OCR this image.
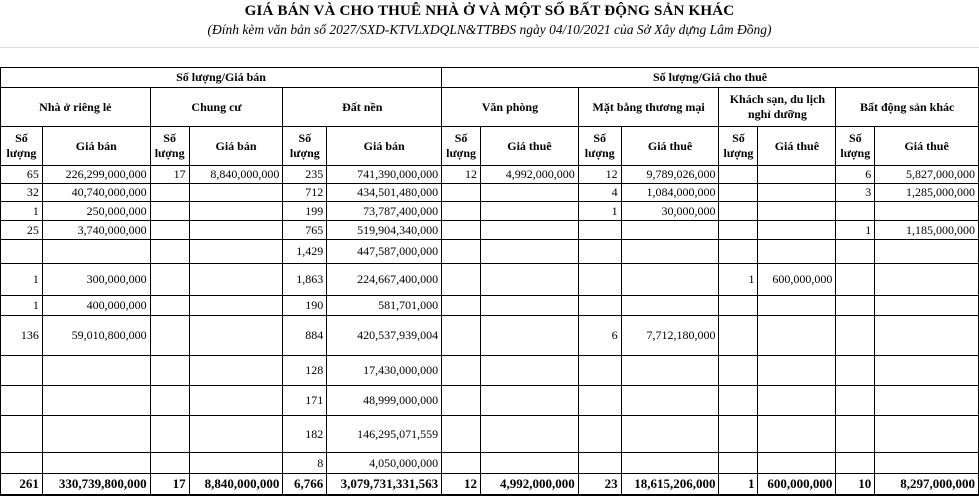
GIÁ BÁN VÀ CHO THUÊ NHÀ Ở VÀ MỘT SỐ BẤT ĐỘNG SẢN KHÁC
(Đính kèm văn bản số 2027/SXD-KTVLXDQLN&TTBĐS ngày 04/10/2021 của Sở Xây dựng Lâm Đồng)
Số lượng/Giá bán						Số lượng/Giá cho thuê							
Nhà ở riêng lẻ		Chung cư		Đất nền		Văn phòng		Mặt bằng thương mại		Khách sạn, du lịch nghỉ dưỡng		Bất động sản khác	
Số lượng	Giá bán	Số lượng	Giá bán	Số lượng	Giá bán	Số lượng	Giá thuê	Số lượng	Giá thuê	Số lượng	Giá thuê	Số lượng	Giá thuê
65	226,299,000,000	17	8,840,000,000	235	741,390,000,000	12	4,992,000,000	12	9,789,026,000			6	5,827,000,000
32	40,740,000,000			712	434,501,480,000			4	1,084,000,000			3	1,285,000,000
1	250,000,000			199	73,787,400,000			1	30,000,000				
25	3,740,000,000			765	519,904,340,000							1	1,185,000,000
				1,429	447,587,000,000								
1	300,000,000			1,863	224,667,400,000					1	600,000,000		
1	400,000,000			190	581,701,000								
136	59,010,800,000			884	420,537,939,004			6	7,712,180,000				
				128	17,430,000,000								
				171	48,999,000,000								
				182	146,295,071,559								
				8	4,050,000,000								
261	330,739,800,000	17	8,840,000,000	6,766	3,079,731,331,563	12	4,992,000,000	23	18,615,206,000	1	600,000,000	10	8,297,000,000
